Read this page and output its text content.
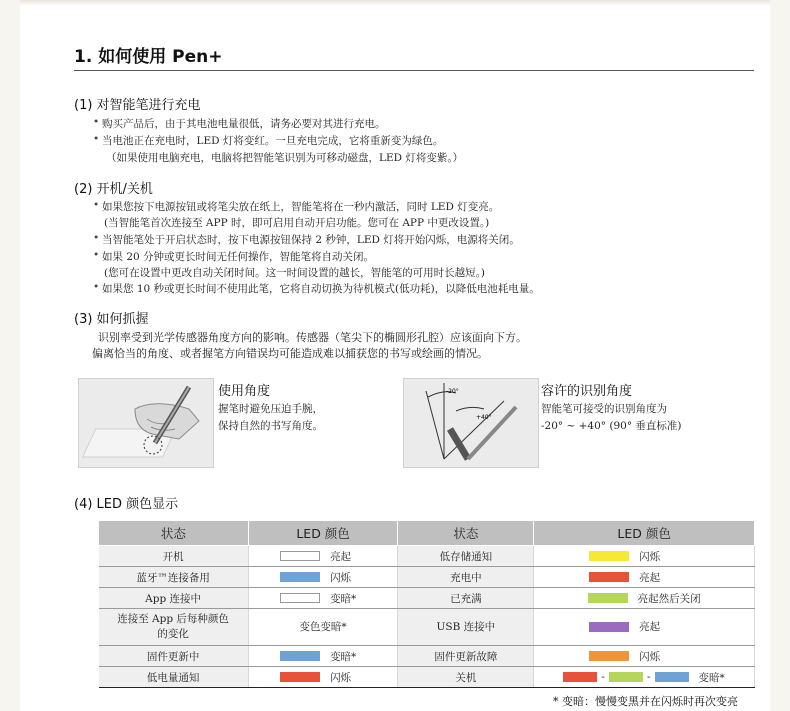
1. 如何使用 Pen+
(1) 对智能笔进行充电
• 购买产品后，由于其电池电量很低，请务必要对其进行充电。
• 当电池正在充电时，LED 灯将变红。一旦充电完成，它将重新变为绿色。
（如果使用电脑充电，电脑将把智能笔识别为可移动磁盘，LED 灯将变紫。）
(2) 开机/关机
• 如果您按下电源按钮或将笔尖放在纸上，智能笔将在一秒内激活，同时 LED 灯变亮。
(当智能笔首次连接至 APP 时，即可启用自动开启功能。您可在 APP 中更改设置。)
• 当智能笔处于开启状态时，按下电源按钮保持 2 秒钟，LED 灯将开始闪烁，电源将关闭。
• 如果 20 分钟或更长时间无任何操作，智能笔将自动关闭。
(您可在设置中更改自动关闭时间。这一时间设置的越长，智能笔的可用时长越短。)
• 如果您 10 秒或更长时间不使用此笔，它将自动切换为待机模式(低功耗)，以降低电池耗电量。
(3) 如何抓握
识别率受到光学传感器角度方向的影响。传感器（笔尖下的椭圆形孔腔）应该面向下方。
偏离恰当的角度、或者握笔方向错误均可能造成难以捕获您的书写或绘画的情况。
使用角度
握笔时避免压迫手腕，
保持自然的书写角度。
-20°
+40°
容许的识别角度
智能笔可接受的识别角度为
-20° ~ +40° (90° 垂直标准)
(4) LED 颜色显示
状态	LED 颜色	状态	LED 颜色
开机	亮起	低存储通知	闪烁

蓝牙™连接备用	闪烁	充电中	亮起

App 连接中	变暗*	已充满	亮起然后关闭

连接至 App 后每种颜色
的变化	变色变暗*	USB 连接中	亮起

固件更新中	变暗*	固件更新故障	闪烁

低电量通知	闪烁	关机	- - 变暗*
* 变暗：慢慢变黑并在闪烁时再次变亮
